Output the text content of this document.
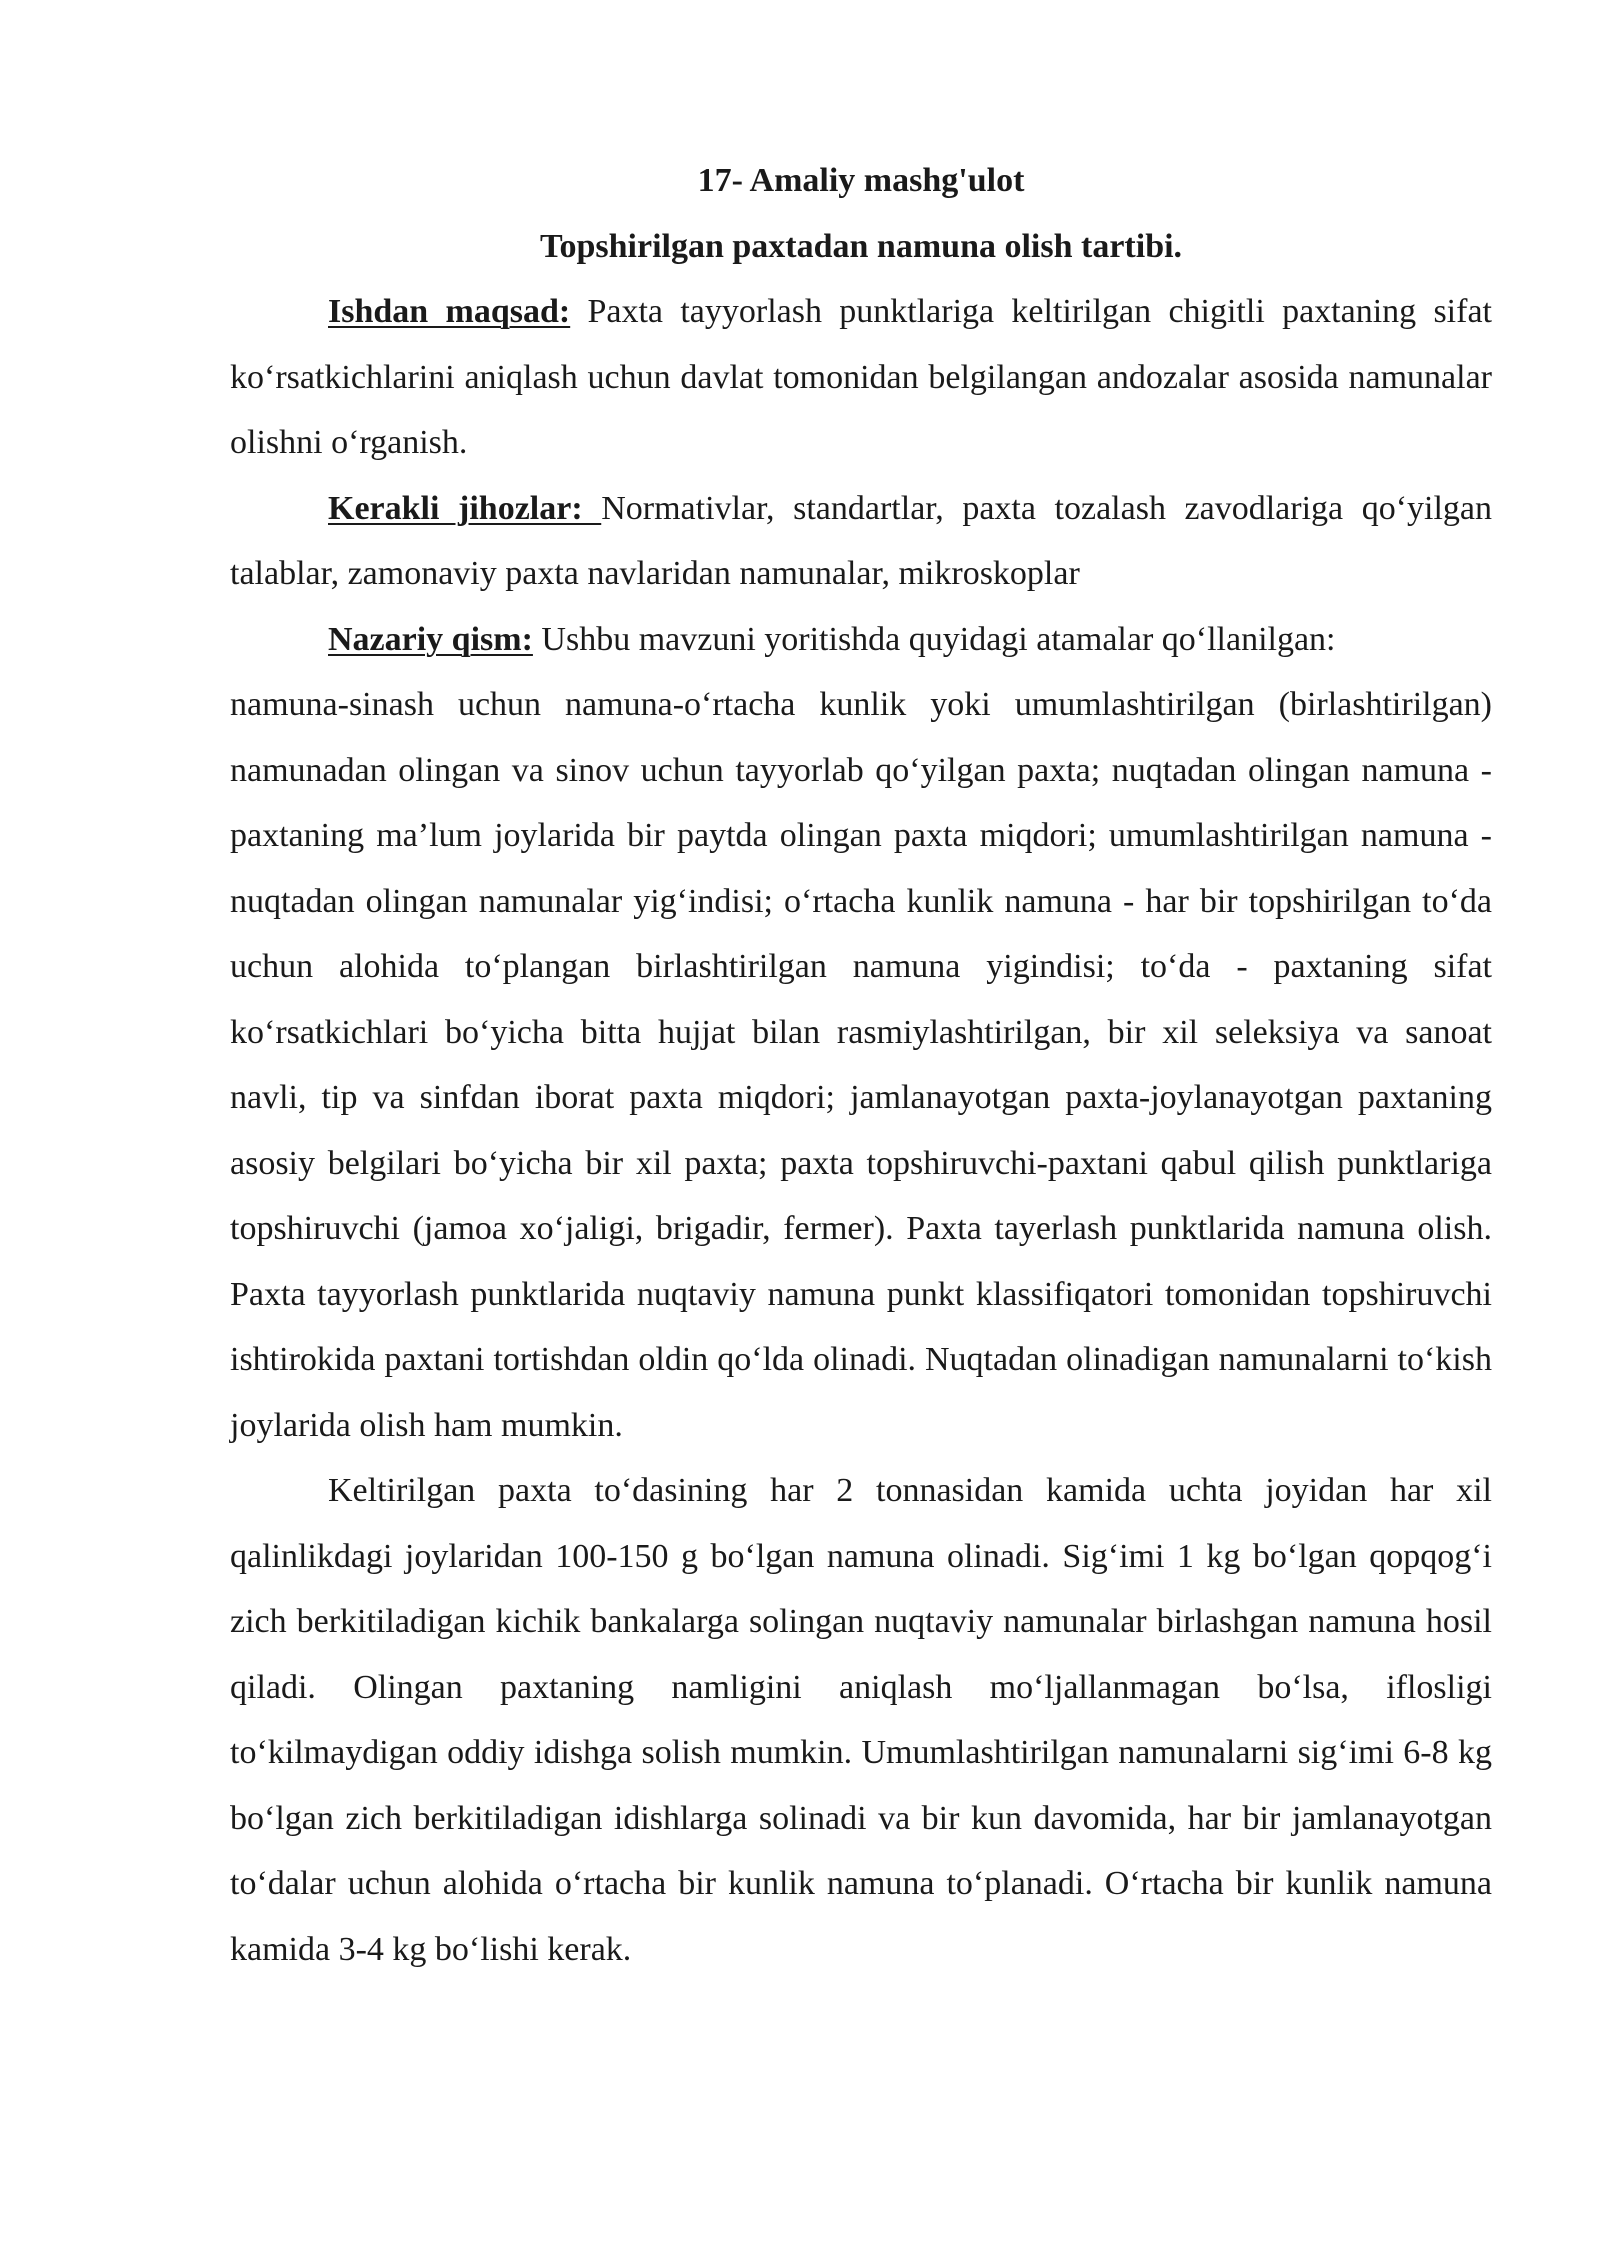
17- Amaliy mashg'ulot
Topshirilgan paxtadan namuna olish tartibi.

Ishdan maqsad: Paxta tayyorlash punktlariga keltirilgan chigitli paxtaning sifat ko‘rsatkichlarini aniqlash uchun davlat tomonidan belgilangan andozalar asosida namunalar olishni o‘rganish.

Kerakli jihozlar: Normativlar, standartlar, paxta tozalash zavodlariga qo‘yilgan talablar, zamonaviy paxta navlaridan namunalar, mikroskoplar

Nazariy qism: Ushbu mavzuni yoritishda quyidagi atamalar qo‘llanilgan:

namuna-sinash uchun namuna-o‘rtacha kunlik yoki umumlashtirilgan (birlashtirilgan) namunadan olingan va sinov uchun tayyorlab qo‘yilgan paxta; nuqtadan olingan namuna - paxtaning ma’lum joylarida bir paytda olingan paxta miqdori; umumlashtirilgan namuna - nuqtadan olingan namunalar yig‘indisi; o‘rtacha kunlik namuna - har bir topshirilgan to‘da uchun alohida to‘plangan birlashtirilgan namuna yigindisi; to‘da - paxtaning sifat ko‘rsatkichlari bo‘yicha bitta hujjat bilan rasmiylashtirilgan, bir xil seleksiya va sanoat navli, tip va sinfdan iborat paxta miqdori; jamlanayotgan paxta-joylanayotgan paxtaning asosiy belgilari bo‘yicha bir xil paxta; paxta topshiruvchi-paxtani qabul qilish punktlariga topshiruvchi (jamoa xo‘jaligi, brigadir, fermer). Paxta tayerlash punktlarida namuna olish. Paxta tayyorlash punktlarida nuqtaviy namuna punkt klassifiqatori tomonidan topshiruvchi ishtirokida paxtani tortishdan oldin qo‘lda olinadi. Nuqtadan olinadigan namunalarni to‘kish joylarida olish ham mumkin.

Keltirilgan paxta to‘dasining har 2 tonnasidan kamida uchta joyidan har xil qalinlikdagi joylaridan 100-150 g bo‘lgan namuna olinadi. Sig‘imi 1 kg bo‘lgan qopqog‘i zich berkitiladigan kichik bankalarga solingan nuqtaviy namunalar birlashgan namuna hosil qiladi. Olingan paxtaning namligini aniqlash mo‘ljallanmagan bo‘lsa, iflosligi to‘kilmaydigan oddiy idishga solish mumkin. Umumlashtirilgan namunalarni sig‘imi 6-8 kg bo‘lgan zich berkitiladigan idishlarga solinadi va bir kun davomida, har bir jamlanayotgan to‘dalar uchun alohida o‘rtacha bir kunlik namuna to‘planadi. O‘rtacha bir kunlik namuna kamida 3-4 kg bo‘lishi kerak.
